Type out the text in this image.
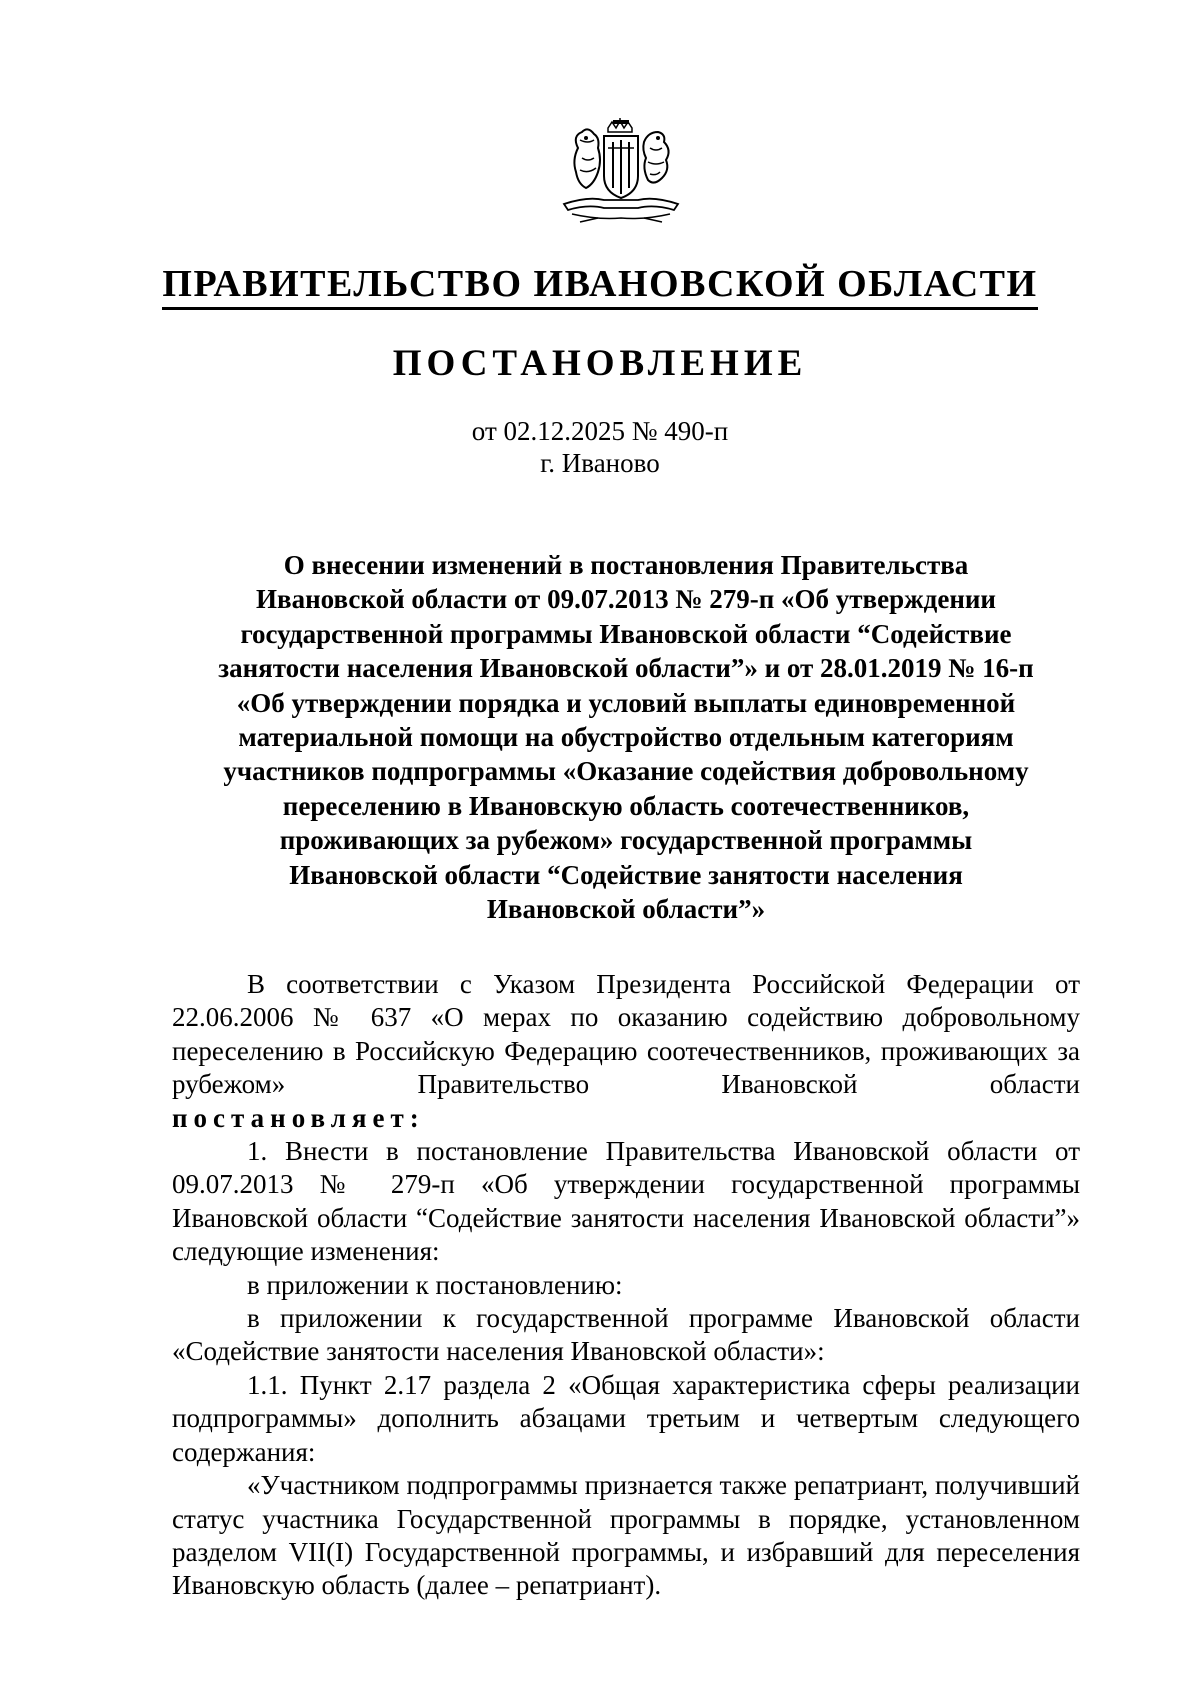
ПРАВИТЕЛЬСТВО ИВАНОВСКОЙ ОБЛАСТИ
ПОСТАНОВЛЕНИЕ
от 02.12.2025 № 490-п
г. Иваново
О внесении изменений в постановления Правительства
Ивановской области от 09.07.2013 № 279-п «Об утверждении
государственной программы Ивановской области “Содействие
занятости населения Ивановской области”» и от 28.01.2019 № 16-п
«Об утверждении порядка и условий выплаты единовременной
материальной помощи на обустройство отдельным категориям
участников подпрограммы «Оказание содействия добровольному
переселению в Ивановскую область соотечественников,
проживающих за рубежом» государственной программы
Ивановской области “Содействие занятости населения
Ивановской области”»

В соответствии с Указом Президента Российской Федерации от 22.06.2006 № 637 «О мерах по оказанию содействию добровольному переселению в Российскую Федерацию соотечественников, проживающих за рубежом» Правительство Ивановской области

постановляет:

1. Внести в постановление Правительства Ивановской области от 09.07.2013 № 279-п «Об утверждении государственной программы Ивановской области “Содействие занятости населения Ивановской области”» следующие изменения:

в приложении к постановлению:

в приложении к государственной программе Ивановской области «Содействие занятости населения Ивановской области»:

1.1. Пункт 2.17 раздела 2 «Общая характеристика сферы реализации подпрограммы» дополнить абзацами третьим и четвертым следующего содержания:

«Участником подпрограммы признается также репатриант, получивший статус участника Государственной программы в порядке, установленном разделом VII(I) Государственной программы, и избравший для переселения Ивановскую область (далее – репатриант).
